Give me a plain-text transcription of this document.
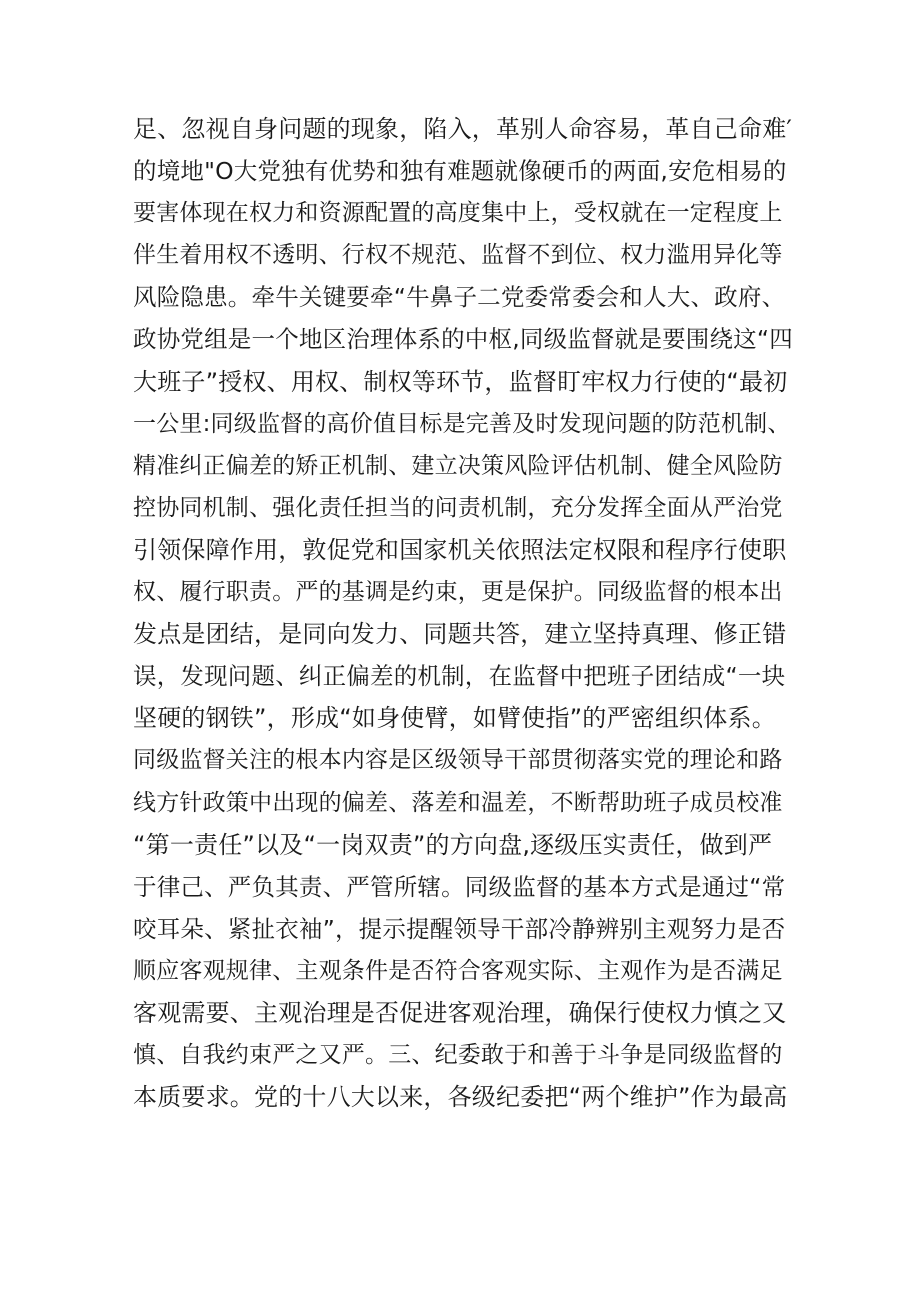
足、忽视自身问题的现象，陷入，革别人命容易，革自己命难′
的境地"O大党独有优势和独有难题就像硬币的两面,安危相易的
要害体现在权力和资源配置的高度集中上，受权就在一定程度上
伴生着用权不透明、行权不规范、监督不到位、权力滥用异化等
风险隐患。牵牛关键要牵“牛鼻子二党委常委会和人大、政府、
政协党组是一个地区治理体系的中枢,同级监督就是要围绕这“四
大班子”授权、用权、制权等环节，监督盯牢权力行使的“最初
一公里:同级监督的高价值目标是完善及时发现问题的防范机制、
精准纠正偏差的矫正机制、建立决策风险评估机制、健全风险防
控协同机制、强化责任担当的问责机制，充分发挥全面从严治党
引领保障作用，敦促党和国家机关依照法定权限和程序行使职
权、履行职责。严的基调是约束，更是保护。同级监督的根本出
发点是团结，是同向发力、同题共答，建立坚持真理、修正错
误，发现问题、纠正偏差的机制，在监督中把班子团结成“一块
坚硬的钢铁”，形成“如身使臂，如臂使指”的严密组织体系。
同级监督关注的根本内容是区级领导干部贯彻落实党的理论和路
线方针政策中出现的偏差、落差和温差，不断帮助班子成员校准
“第一责任”以及“一岗双责”的方向盘,逐级压实责任，做到严
于律己、严负其责、严管所辖。同级监督的基本方式是通过“常
咬耳朵、紧扯衣袖”，提示提醒领导干部冷静辨别主观努力是否
顺应客观规律、主观条件是否符合客观实际、主观作为是否满足
客观需要、主观治理是否促进客观治理，确保行使权力慎之又
慎、自我约束严之又严。三、纪委敢于和善于斗争是同级监督的
本质要求。党的十八大以来，各级纪委把“两个维护”作为最高
